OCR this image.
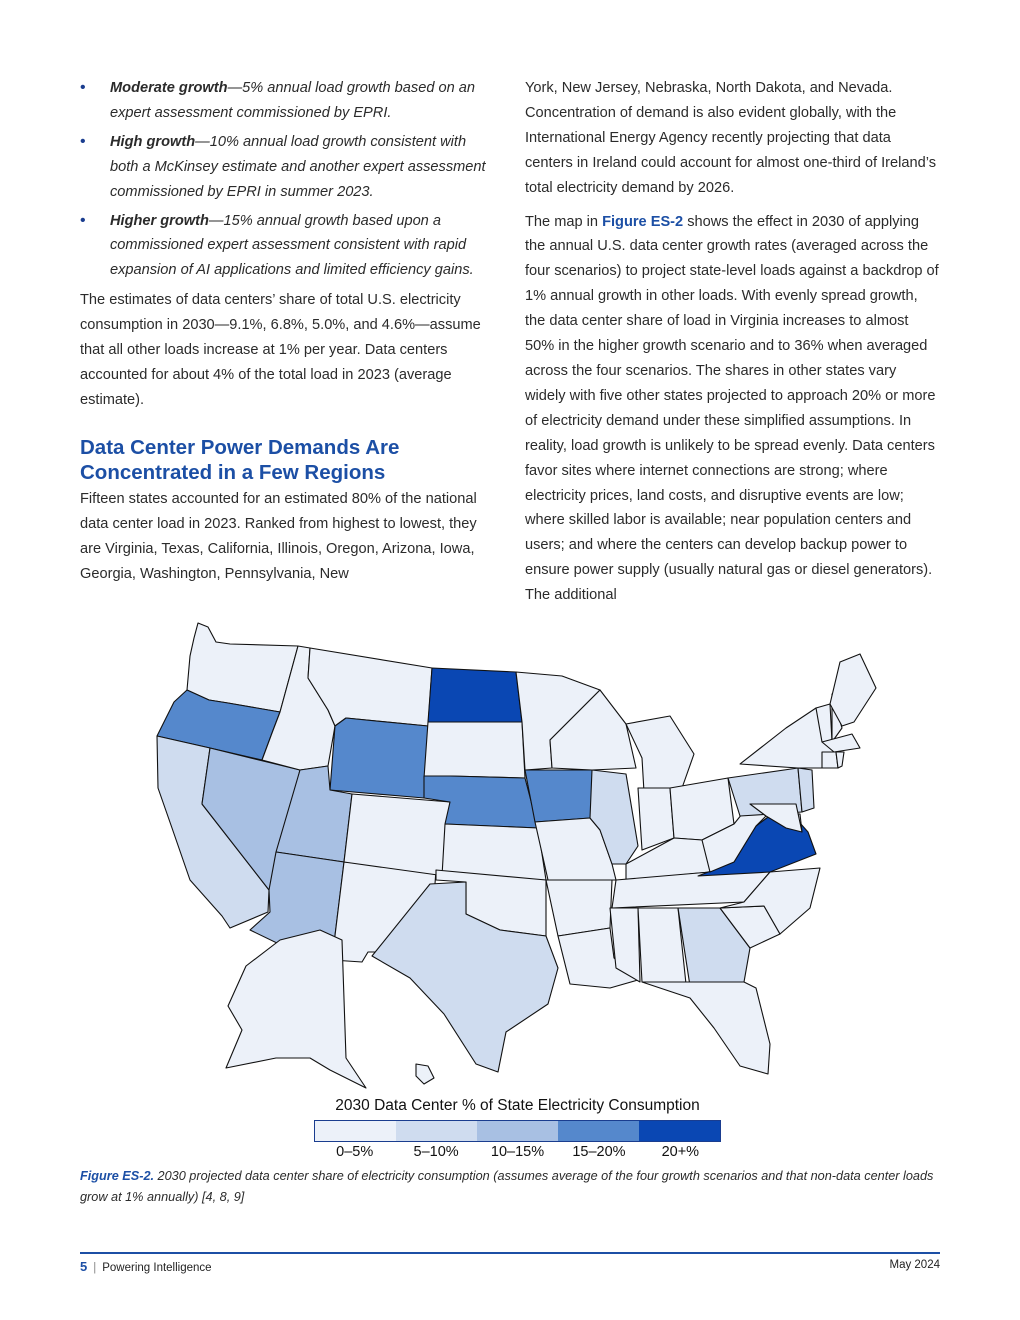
• Moderate growth—5% annual load growth based on an expert assessment commissioned by EPRI.
• High growth—10% annual load growth consistent with both a McKinsey estimate and another expert assessment commissioned by EPRI in summer 2023.
• Higher growth—15% annual growth based upon a commissioned expert assessment consistent with rapid expansion of AI applications and limited efficiency gains.

The estimates of data centers’ share of total U.S. electricity consumption in 2030—9.1%, 6.8%, 5.0%, and 4.6%—assume that all other loads increase at 1% per year. Data centers accounted for about 4% of the total load in 2023 (average estimate).

Data Center Power Demands Are Concentrated in a Few Regions

Fifteen states accounted for an estimated 80% of the national data center load in 2023. Ranked from highest to lowest, they are Virginia, Texas, California, Illinois, Oregon, Arizona, Iowa, Georgia, Washington, Pennsylvania, New

York, New Jersey, Nebraska, North Dakota, and Nevada. Concentration of demand is also evident globally, with the International Energy Agency recently projecting that data centers in Ireland could account for almost one-third of Ireland’s total electricity demand by 2026.

The map in Figure ES-2 shows the effect in 2030 of applying the annual U.S. data center growth rates (averaged across the four scenarios) to project state-level loads against a backdrop of 1% annual growth in other loads. With evenly spread growth, the data center share of load in Virginia increases to almost 50% in the higher growth scenario and to 36% when averaged across the four scenarios. The shares in other states vary widely with five other states projected to approach 20% or more of electricity demand under these simplified assumptions. In reality, load growth is unlikely to be spread evenly. Data centers favor sites where internet connections are strong; where electricity prices, land costs, and disruptive events are low; where skilled labor is available; near population centers and users; and where the centers can develop backup power to ensure power supply (usually natural gas or diesel generators). The additional

2030 Data Center % of State Electricity Consumption
0–5%	5–10%	10–15%	15–20%	20+%
Figure ES-2. 2030 projected data center share of electricity consumption (assumes average of the four growth scenarios and that non-data center loads grow at 1% annually) [4, 8, 9]
5 | Powering Intelligence	May 2024
